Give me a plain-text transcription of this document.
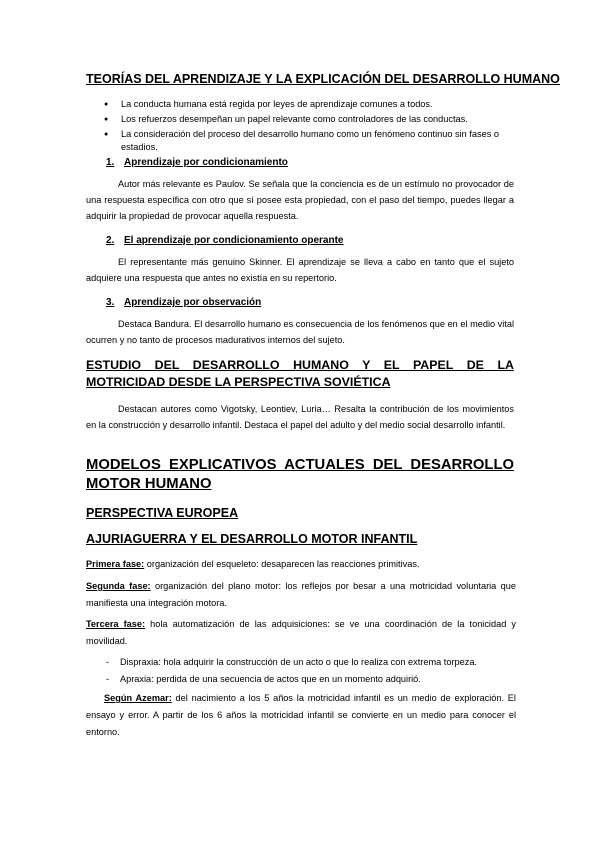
TEORÍAS DEL APRENDIZAJE Y LA EXPLICACIÓN DEL DESARROLLO HUMANO
● La conducta humana está regida por leyes de aprendizaje comunes a todos.
● Los refuerzos desempeñan un papel relevante como controladores de las conductas.
● La consideración del proceso del desarrollo humano como un fenómeno continuo sin fases o estadios.
1. Aprendizaje por condicionamiento
Autor más relevante es Paulov. Se señala que la conciencia es de un estímulo no provocador de una respuesta específica con otro que sí posee esta propiedad, con el paso del tiempo, puedes llegar a adquirir la propiedad de provocar aquella respuesta.
2. El aprendizaje por condicionamiento operante
El representante más genuino Skinner. El aprendizaje se lleva a cabo en tanto que el sujeto adquiere una respuesta que antes no existía en su repertorio.
3. Aprendizaje por observación
Destaca Bandura. El desarrollo humano es consecuencia de los fenómenos que en el medio vital ocurren y no tanto de procesos madurativos internos del sujeto.
ESTUDIO DEL DESARROLLO HUMANO Y EL PAPEL DE LA MOTRICIDAD DESDE LA PERSPECTIVA SOVIÉTICA
Destacan autores como Vigotsky, Leontiev, Luria… Resalta la contribución de los movimientos en la construcción y desarrollo infantil. Destaca el papel del adulto y del medio social desarrollo infantil.
MODELOS EXPLICATIVOS ACTUALES DEL DESARROLLO MOTOR HUMANO
PERSPECTIVA EUROPEA
AJURIAGUERRA Y EL DESARROLLO MOTOR INFANTIL
Primera fase: organización del esqueleto: desaparecen las reacciones primitivas.
Segunda fase: organización del plano motor: los reflejos por besar a una motricidad voluntaria que manifiesta una integración motora.
Tercera fase: hola automatización de las adquisiciones: se ve una coordinación de la tonicidad y movilidad.
- Dispraxia: hola adquirir la construcción de un acto o que lo realiza con extrema torpeza.
- Apraxia: perdida de una secuencia de actos que en un momento adquirió.
Según Azemar: del nacimiento a los 5 años la motricidad infantil es un medio de exploración. El ensayo y error. A partir de los 6 años la motricidad infantil se convierte en un medio para conocer el entorno.
